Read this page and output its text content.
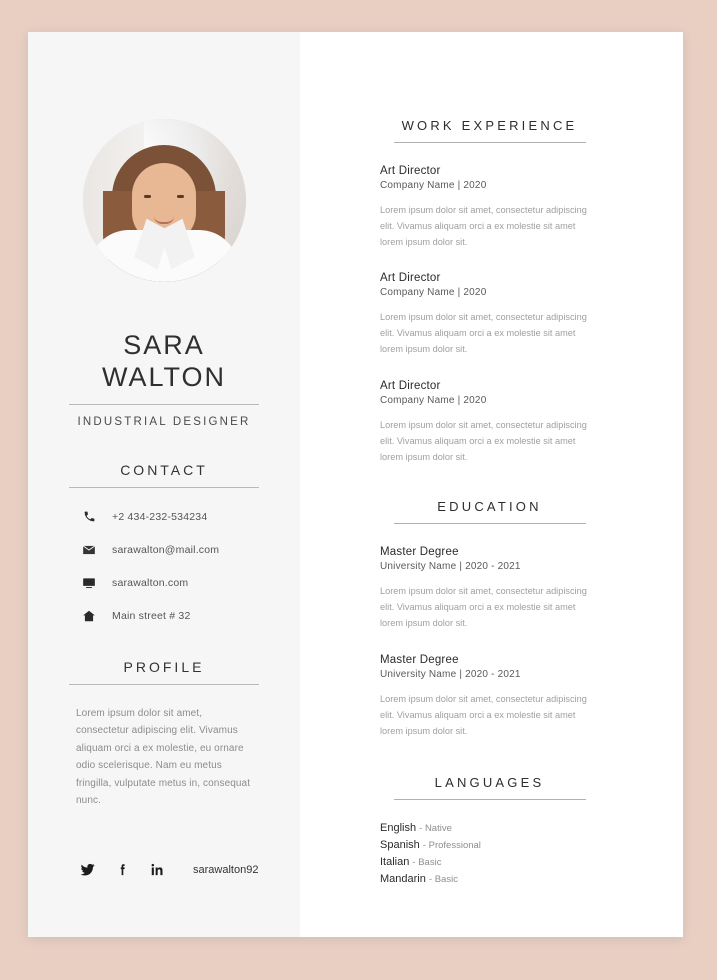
SARA
WALTON
INDUSTRIAL DESIGNER
CONTACT
+2 434-232-534234
sarawalton@mail.com
sarawalton.com
Main street # 32
PROFILE

Lorem ipsum dolor sit amet, consectetur adipiscing elit. Vivamus aliquam orci a ex molestie, eu ornare odio scelerisque. Nam eu metus fringilla, vulputate metus in, consequat nunc.

sarawalton92
WORK EXPERIENCE
Art Director
Company Name | 2020
Lorem ipsum dolor sit amet, consectetur adipiscing elit. Vivamus aliquam orci a ex molestie sit amet lorem ipsum dolor sit.
Art Director
Company Name | 2020
Lorem ipsum dolor sit amet, consectetur adipiscing elit. Vivamus aliquam orci a ex molestie sit amet lorem ipsum dolor sit.
Art Director
Company Name | 2020
Lorem ipsum dolor sit amet, consectetur adipiscing elit. Vivamus aliquam orci a ex molestie sit amet lorem ipsum dolor sit.
EDUCATION
Master Degree
University Name | 2020 - 2021
Lorem ipsum dolor sit amet, consectetur adipiscing elit. Vivamus aliquam orci a ex molestie sit amet lorem ipsum dolor sit.
Master Degree
University Name | 2020 - 2021
Lorem ipsum dolor sit amet, consectetur adipiscing elit. Vivamus aliquam orci a ex molestie sit amet lorem ipsum dolor sit.
LANGUAGES
English - Native
Spanish - Professional
Italian - Basic
Mandarin - Basic
